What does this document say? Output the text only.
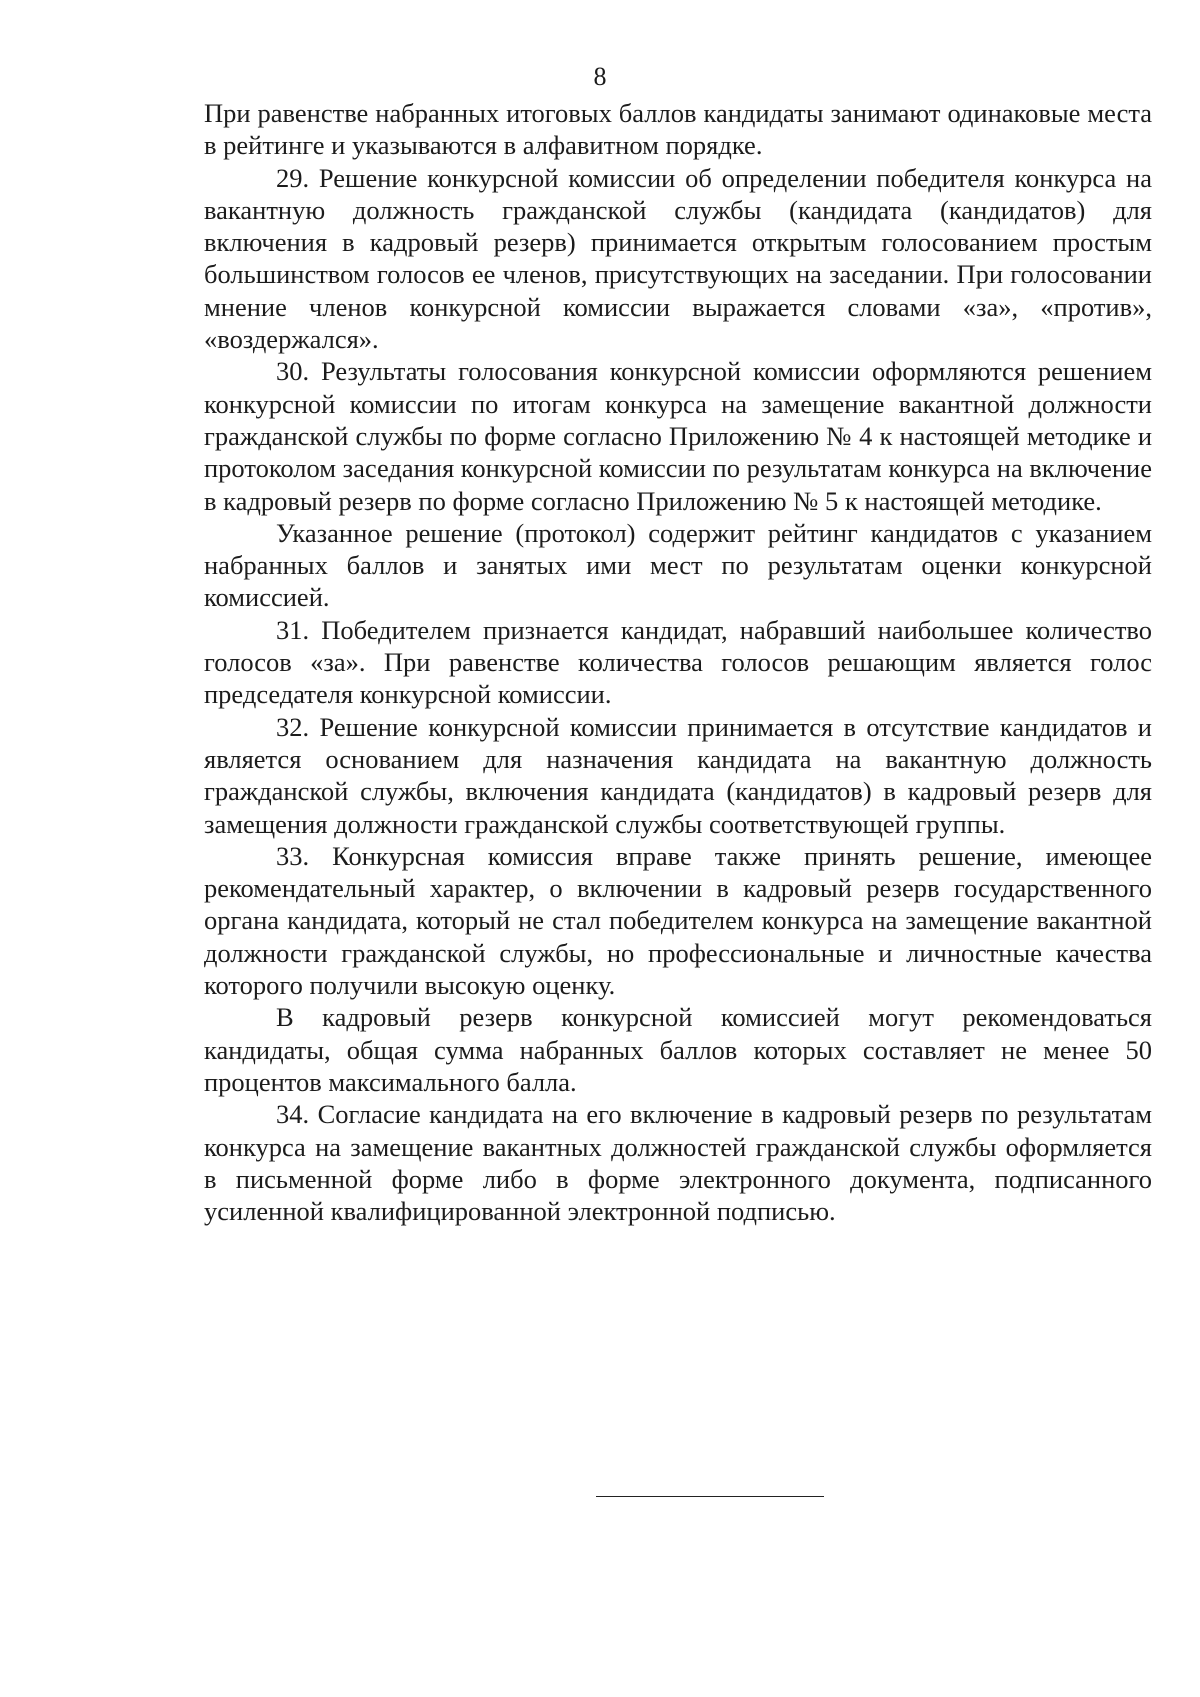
8

При равенстве набранных итоговых баллов кандидаты занимают одинаковые места в рейтинге и указываются в алфавитном порядке.

29. Решение конкурсной комиссии об определении победителя конкурса на вакантную должность гражданской службы (кандидата (кандидатов) для включения в кадровый резерв) принимается открытым голосованием простым большинством голосов ее членов, присутствующих на заседании. При голосовании мнение членов конкурсной комиссии выражается словами «за», «против», «воздержался».

30. Результаты голосования конкурсной комиссии оформляются решением конкурсной комиссии по итогам конкурса на замещение вакантной должности гражданской службы по форме согласно Приложению № 4 к настоящей методике и протоколом заседания конкурсной комиссии по результатам конкурса на включение в кадровый резерв по форме согласно Приложению № 5 к настоящей методике.

Указанное решение (протокол) содержит рейтинг кандидатов с указанием набранных баллов и занятых ими мест по результатам оценки конкурсной комиссией.

31. Победителем признается кандидат, набравший наибольшее количество голосов «за». При равенстве количества голосов решающим является голос председателя конкурсной комиссии.

32. Решение конкурсной комиссии принимается в отсутствие кандидатов и является основанием для назначения кандидата на вакантную должность гражданской службы, включения кандидата (кандидатов) в кадровый резерв для замещения должности гражданской службы соответствующей группы.

33. Конкурсная комиссия вправе также принять решение, имеющее рекомендательный характер, о включении в кадровый резерв государственного органа кандидата, который не стал победителем конкурса на замещение вакантной должности гражданской службы, но профессиональные и личностные качества которого получили высокую оценку.

В кадровый резерв конкурсной комиссией могут рекомендоваться кандидаты, общая сумма набранных баллов которых составляет не менее 50 процентов максимального балла.

34. Согласие кандидата на его включение в кадровый резерв по результатам конкурса на замещение вакантных должностей гражданской службы оформляется в письменной форме либо в форме электронного документа, подписанного усиленной квалифицированной электронной подписью.
